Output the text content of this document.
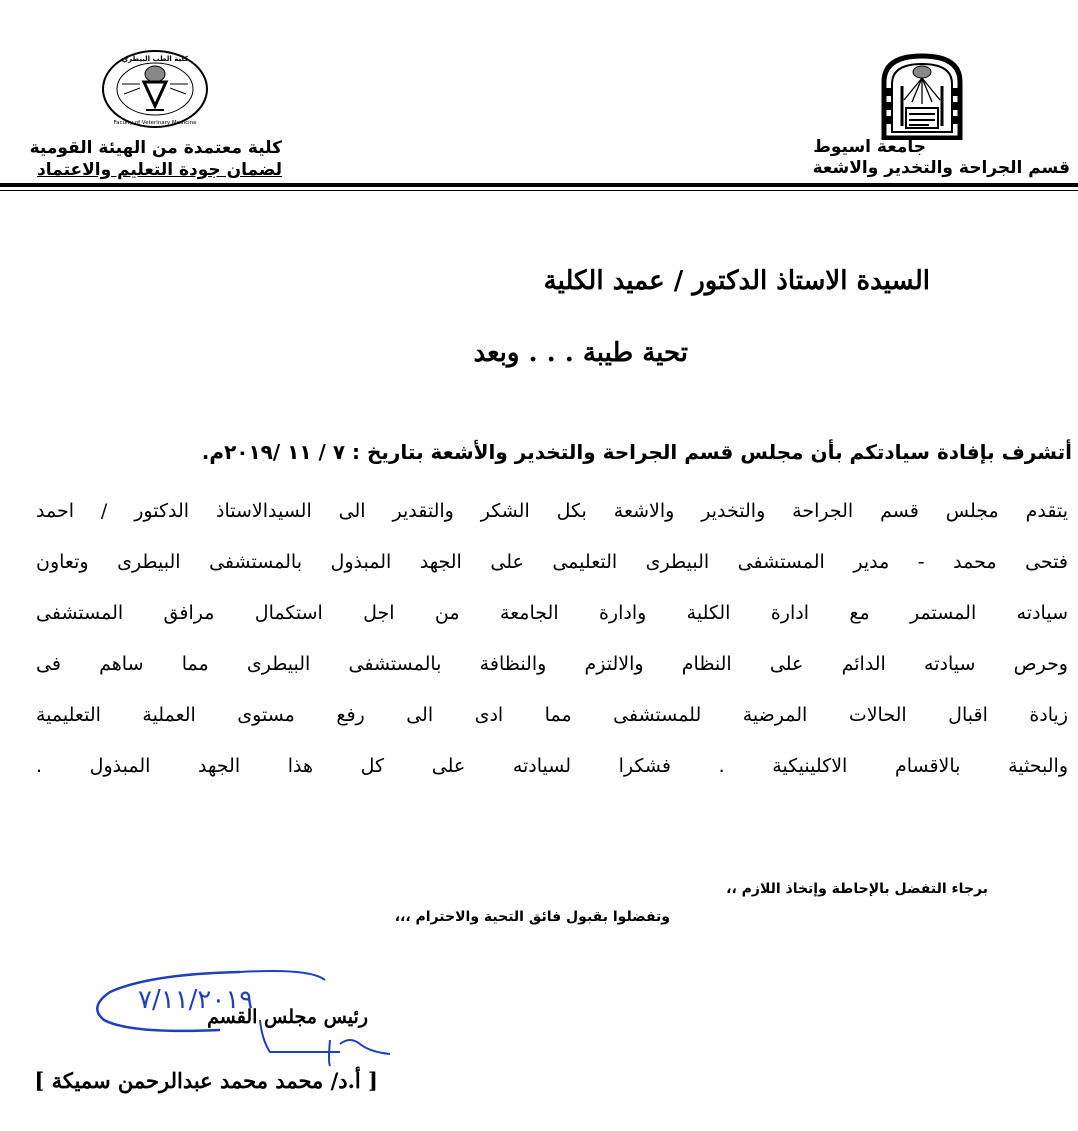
جامعة اسيوط
قسم الجراحة والتخدير والاشعة
كلية الطب البيطري
Faculty of Veterinary Medicine
كلية معتمدة من الهيئة القومية
لضمان جودة التعليم والاعتماد
السيدة الاستاذ الدكتور / عميد الكلية
تحية طيبة . . . وبعد
أتشرف بإفادة سيادتكم بأن مجلس قسم الجراحة والتخدير والأشعة بتاريخ : ٧ / ١١ /٢٠١٩م.
يتقدم مجلس قسم الجراحة والتخدير والاشعة بكل الشكر والتقدير الى السيدالاستاذ الدكتور / احمد
فتحى محمد - مدير المستشفى البيطرى التعليمى على الجهد المبذول بالمستشفى البيطرى وتعاون
سيادته المستمر مع ادارة الكلية وادارة الجامعة من اجل استكمال مرافق المستشفى
وحرص سيادته الدائم على النظام والالتزم والنظافة بالمستشفى البيطرى مما ساهم فى
زيادة اقبال الحالات المرضية للمستشفى مما ادى الى رفع مستوى العملية التعليمية
والبحثية بالاقسام الاكلينيكية . فشكرا لسيادته على كل هذا الجهد المبذول .
برجاء التفضل بالإحاطة وإتخاذ اللازم ،،
وتفضلوا بقبول فائق التحية والاحترام ،،،
٧/١١/٢٠١٩
رئيس مجلس القسم
[ أ.د/ محمد محمد عبدالرحمن سميكة ]
